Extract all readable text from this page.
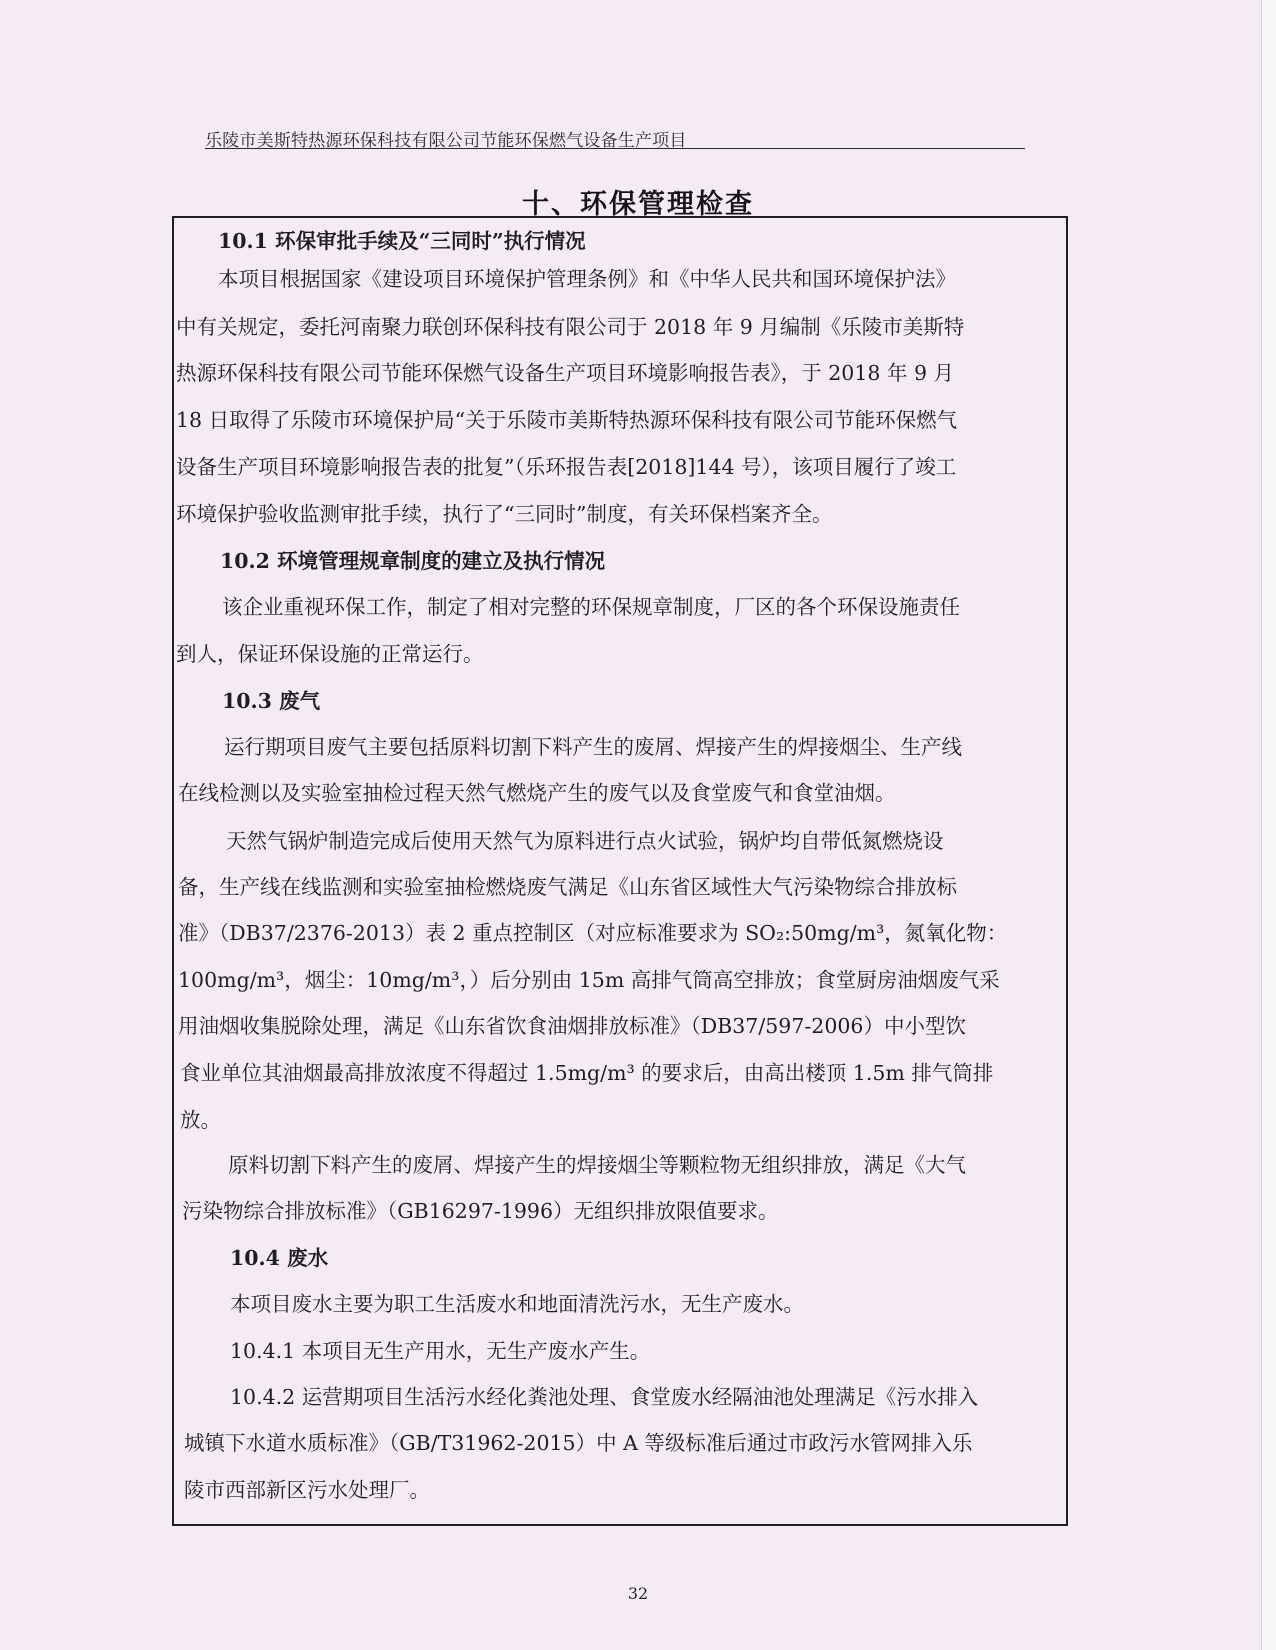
乐陵市美斯特热源环保科技有限公司节能环保燃气设备生产项目
十、环保管理检查
10.1 环保审批手续及“三同时”执行情况
本项目根据国家《建设项目环境保护管理条例》和《中华人民共和国环境保护法》
中有关规定，委托河南聚力联创环保科技有限公司于 2018 年 9 月编制《乐陵市美斯特
热源环保科技有限公司节能环保燃气设备生产项目环境影响报告表》，于 2018 年 9 月
18 日取得了乐陵市环境保护局“关于乐陵市美斯特热源环保科技有限公司节能环保燃气
设备生产项目环境影响报告表的批复”（乐环报告表[2018]144 号），该项目履行了竣工
环境保护验收监测审批手续，执行了“三同时”制度，有关环保档案齐全。
10.2 环境管理规章制度的建立及执行情况
该企业重视环保工作，制定了相对完整的环保规章制度，厂区的各个环保设施责任
到人，保证环保设施的正常运行。
10.3 废气
运行期项目废气主要包括原料切割下料产生的废屑、焊接产生的焊接烟尘、生产线
在线检测以及实验室抽检过程天然气燃烧产生的废气以及食堂废气和食堂油烟。
天然气锅炉制造完成后使用天然气为原料进行点火试验，锅炉均自带低氮燃烧设
备，生产线在线监测和实验室抽检燃烧废气满足《山东省区域性大气污染物综合排放标
准》（DB37/2376-2013）表 2 重点控制区（对应标准要求为 SO₂:50mg/m³，氮氧化物：
100mg/m³，烟尘：10mg/m³，）后分别由 15m 高排气筒高空排放；食堂厨房油烟废气采
用油烟收集脱除处理，满足《山东省饮食油烟排放标准》（DB37/597-2006）中小型饮
食业单位其油烟最高排放浓度不得超过 1.5mg/m³ 的要求后，由高出楼顶 1.5m 排气筒排
放。
原料切割下料产生的废屑、焊接产生的焊接烟尘等颗粒物无组织排放，满足《大气
污染物综合排放标准》（GB16297-1996）无组织排放限值要求。
10.4 废水
本项目废水主要为职工生活废水和地面清洗污水，无生产废水。
10.4.1 本项目无生产用水，无生产废水产生。
10.4.2 运营期项目生活污水经化粪池处理、食堂废水经隔油池处理满足《污水排入
城镇下水道水质标准》（GB/T31962-2015）中 A 等级标准后通过市政污水管网排入乐
陵市西部新区污水处理厂。
32
